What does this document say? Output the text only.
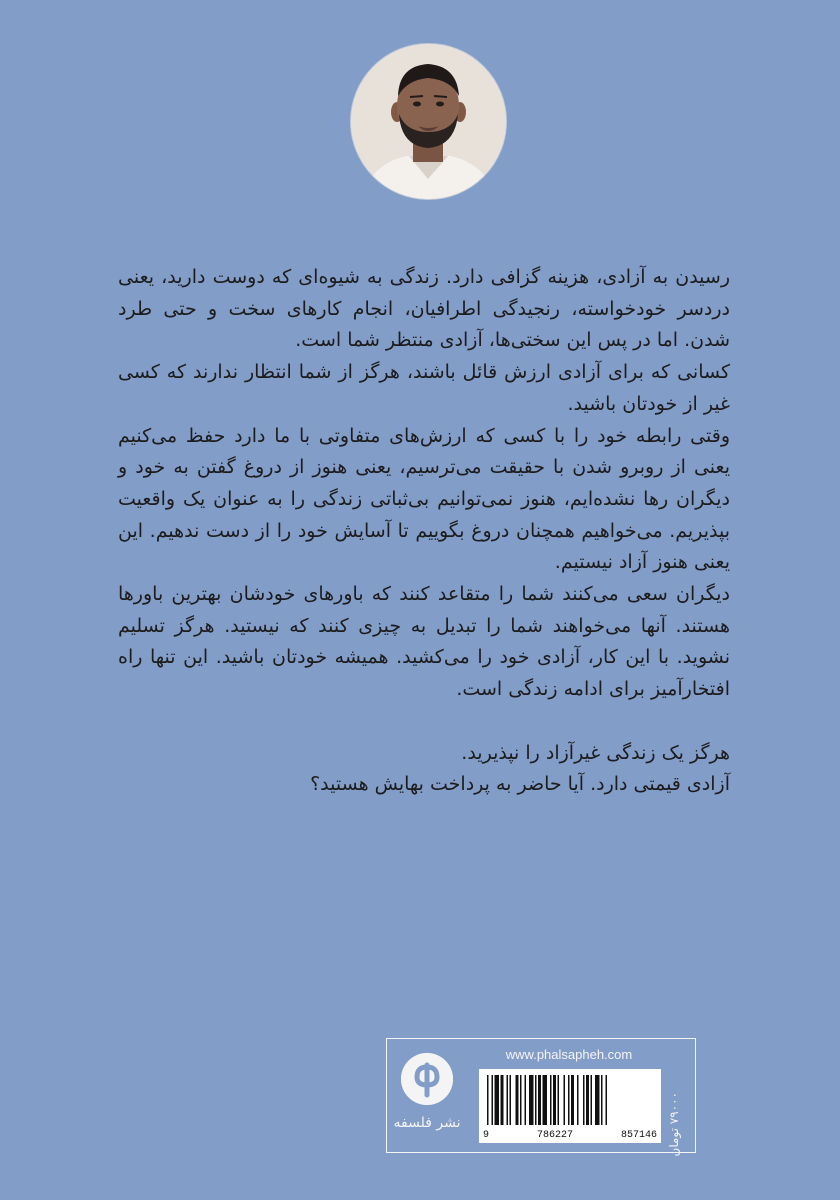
رسیدن به آزادی، هزینه گزافی دارد. زندگی به شیوه‌ای که دوست دارید، یعنی دردسر خودخواسته، رنجیدگی اطرافیان، انجام کارهای سخت و حتی طرد شدن. اما در پس این سختی‌ها، آزادی منتظر شما است.

کسانی که برای آزادی ارزش قائل باشند، هرگز از شما انتظار ندارند که کسی غیر از خودتان باشید.

وقتی رابطه خود را با کسی که ارزش‌های متفاوتی با ما دارد حفظ می‌کنیم یعنی از روبرو شدن با حقیقت می‌ترسیم، یعنی هنوز از دروغ گفتن به خود و دیگران رها نشده‌ایم، هنوز نمی‌توانیم بی‌ثباتی زندگی را به عنوان یک واقعیت بپذیریم. می‌خواهیم همچنان دروغ بگوییم تا آسایش خود را از دست ندهیم. این یعنی هنوز آزاد نیستیم.

دیگران سعی می‌کنند شما را متقاعد کنند که باورهای خودشان بهترین باورها هستند. آنها می‌خواهند شما را تبدیل به چیزی کنند که نیستید. هرگز تسلیم نشوید. با این کار، آزادی خود را می‌کشید. همیشه خودتان باشید. این تنها راه افتخارآمیز برای ادامه زندگی است.

هرگز یک زندگی غیرآزاد را نپذیرید.

آزادی قیمتی دارد. آیا حاضر به پرداخت بهایش هستید؟

نشر فلسفه
www.phalsapheh.com
9	786227	857146 ۷۹۰۰۰ تومان
